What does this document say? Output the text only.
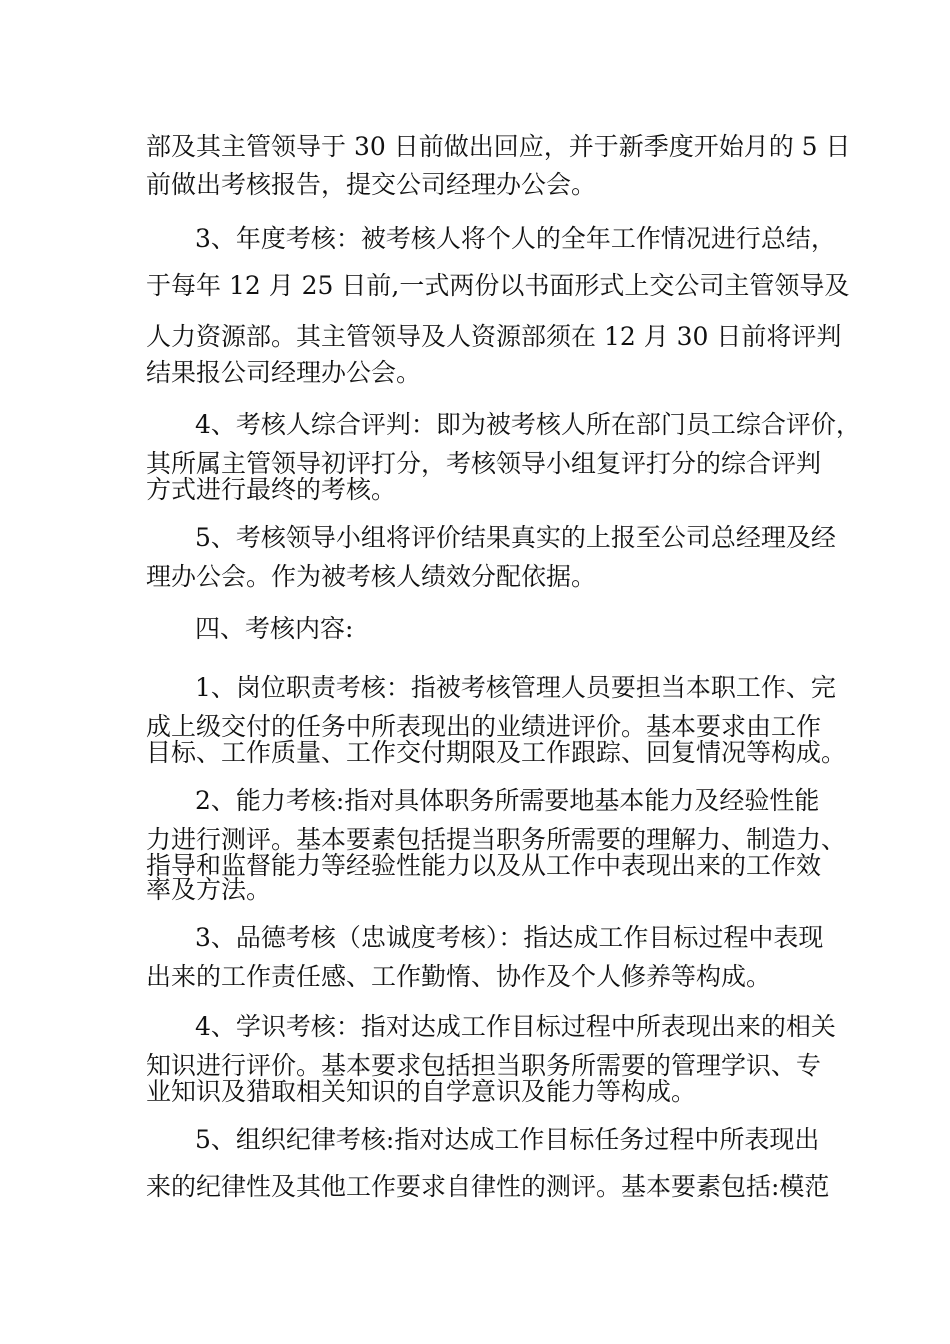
部及其主管领导于 30 日前做出回应，并于新季度开始月的 5 日
前做出考核报告，提交公司经理办公会。
3、年度考核：被考核人将个人的全年工作情况进行总结，
于每年 12 月 25 日前,一式两份以书面形式上交公司主管领导及
人力资源部。其主管领导及人资源部须在 12 月 30 日前将评判
结果报公司经理办公会。
4、考核人综合评判：即为被考核人所在部门员工综合评价，
其所属主管领导初评打分，考核领导小组复评打分的综合评判
方式进行最终的考核。
5、考核领导小组将评价结果真实的上报至公司总经理及经
理办公会。作为被考核人绩效分配依据。
四、考核内容:
1、岗位职责考核：指被考核管理人员要担当本职工作、完
成上级交付的任务中所表现出的业绩进评价。基本要求由工作
目标、工作质量、工作交付期限及工作跟踪、回复情况等构成。
2、能力考核:指对具体职务所需要地基本能力及经验性能
力进行测评。基本要素包括提当职务所需要的理解力、制造力、
指导和监督能力等经验性能力以及从工作中表现出来的工作效
率及方法。
3、品德考核（忠诚度考核）：指达成工作目标过程中表现
出来的工作责任感、工作勤惰、协作及个人修养等构成。
4、学识考核：指对达成工作目标过程中所表现出来的相关
知识进行评价。基本要求包括担当职务所需要的管理学识、专
业知识及猎取相关知识的自学意识及能力等构成。
5、组织纪律考核:指对达成工作目标任务过程中所表现出
来的纪律性及其他工作要求自律性的测评。基本要素包括:模范
